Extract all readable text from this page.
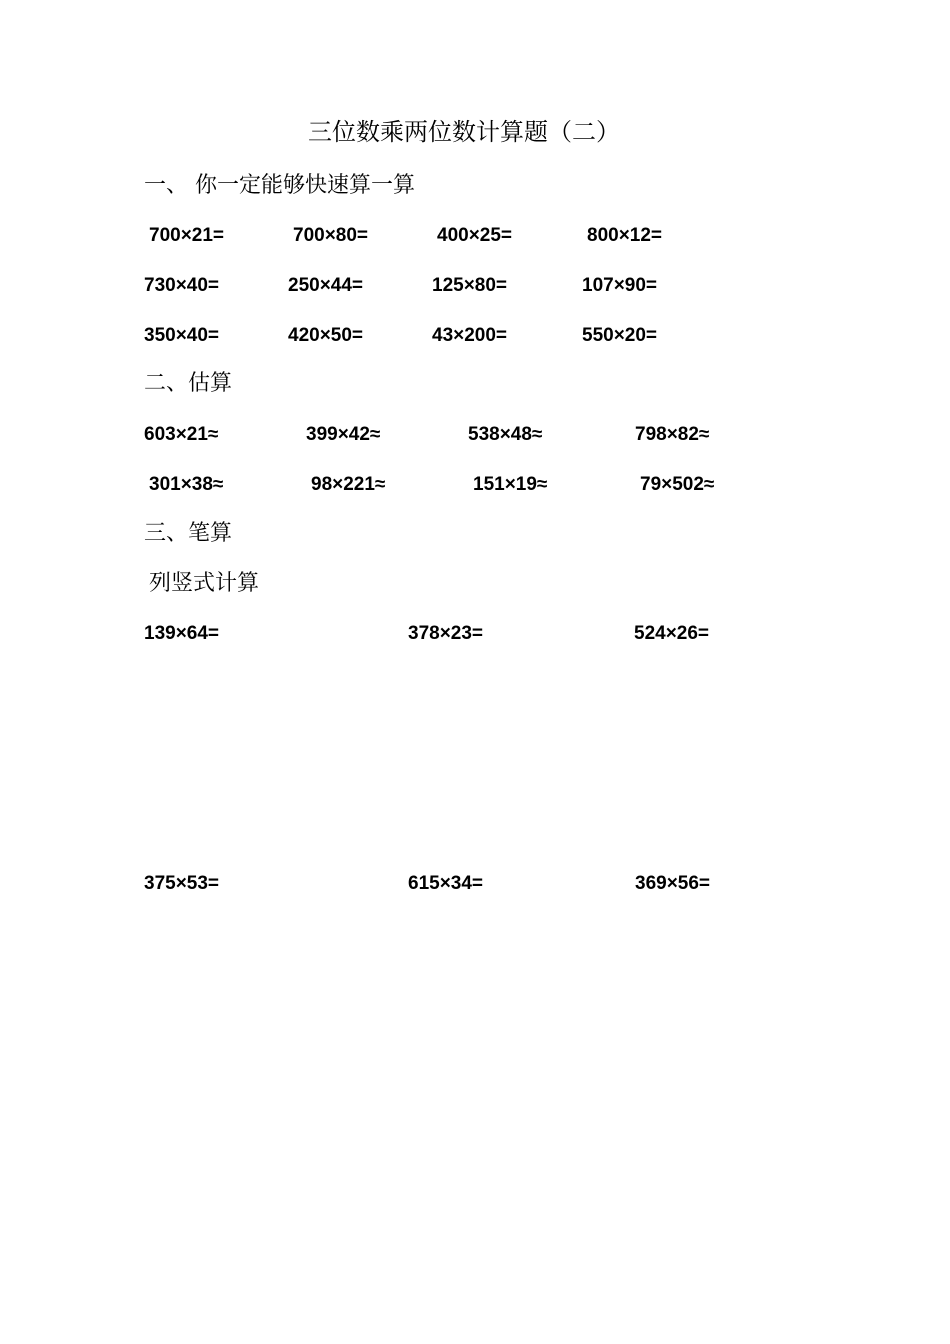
三位数乘两位数计算题（二）
一、 你一定能够快速算一算
700×21=	700×80=	400×25=	800×12=
730×40=	250×44=	125×80=	107×90=
350×40=	420×50=	43×200=	550×20=
二、估算
603×21≈	399×42≈	538×48≈	798×82≈
301×38≈	98×221≈	151×19≈	79×502≈
三、笔算
列竖式计算
139×64=	378×23=	524×26=
375×53=	615×34=	369×56=
